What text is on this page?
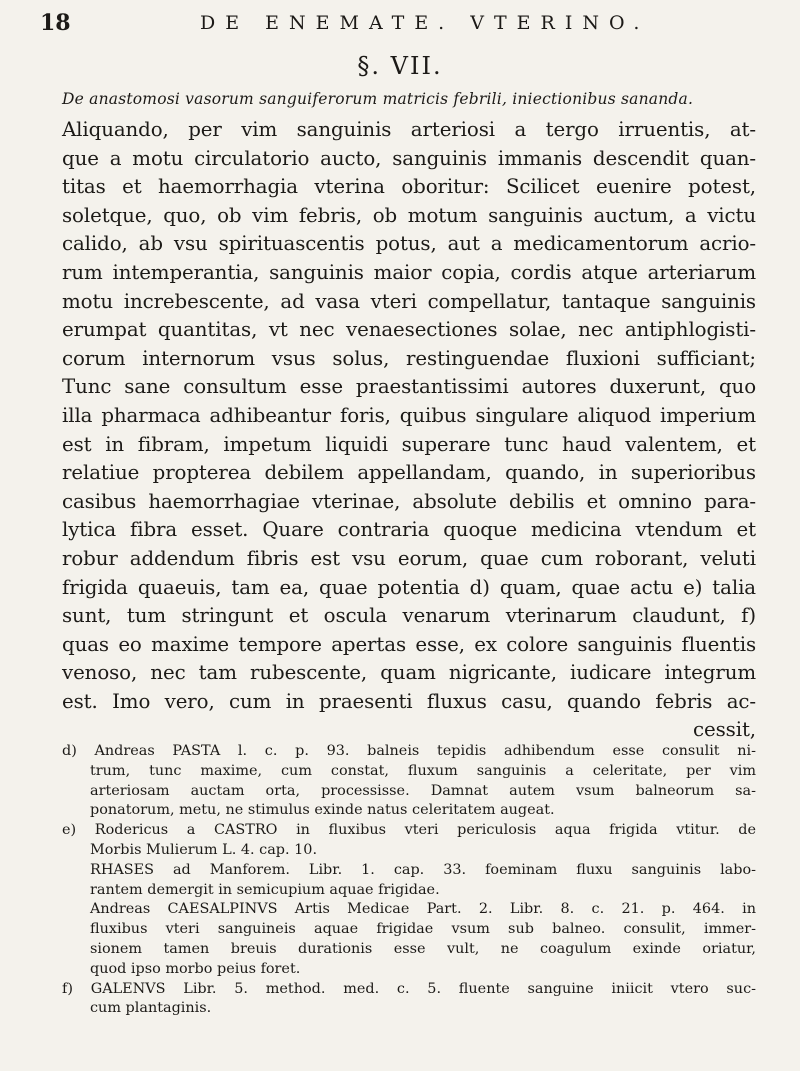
18	DE ENEMATE. VTERINO.
§. VII.
De anastomosi vasorum sanguiferorum matricis febrili, iniectionibus sananda.
Aliquando, per vim sanguinis arteriosi a tergo irruentis, at-
que a motu circulatorio aucto, sanguinis immanis descendit quan-
titas et haemorrhagia vterina oboritur: Scilicet euenire potest,
soletque, quo, ob vim febris, ob motum sanguinis auctum, a victu
calido, ab vsu spirituascentis potus, aut a medicamentorum acrio-
rum intemperantia, sanguinis maior copia, cordis atque arteriarum
motu increbescente, ad vasa vteri compellatur, tantaque sanguinis
erumpat quantitas, vt nec venaesectiones solae, nec antiphlogisti-
corum internorum vsus solus, restinguendae fluxioni sufficiant;
Tunc sane consultum esse praestantissimi autores duxerunt, quo
illa pharmaca adhibeantur foris, quibus singulare aliquod imperium
est in fibram, impetum liquidi superare tunc haud valentem, et
relatiue propterea debilem appellandam, quando, in superioribus
casibus haemorrhagiae vterinae, absolute debilis et omnino para-
lytica fibra esset. Quare contraria quoque medicina vtendum et
robur addendum fibris est vsu eorum, quae cum roborant, veluti
frigida quaeuis, tam ea, quae potentia d) quam, quae actu e) talia
sunt, tum stringunt et oscula venarum vterinarum claudunt, f)
quas eo maxime tempore apertas esse, ex colore sanguinis fluentis
venoso, nec tam rubescente, quam nigricante, iudicare integrum
est. Imo vero, cum in praesenti fluxus casu, quando febris ac-
cessit,
d) Andreas PASTA l. c. p. 93. balneis tepidis adhibendum esse consulit ni-
trum, tunc maxime, cum constat, fluxum sanguinis a celeritate, per vim
arteriosam auctam orta, processisse. Damnat autem vsum balneorum sa-
ponatorum, metu, ne stimulus exinde natus celeritatem augeat.
e) Rodericus a CASTRO in fluxibus vteri periculosis aqua frigida vtitur. de
Morbis Mulierum L. 4. cap. 10.
RHASES ad Manforem. Libr. 1. cap. 33. foeminam fluxu sanguinis labo-
rantem demergit in semicupium aquae frigidae.
Andreas CAESALPINVS Artis Medicae Part. 2. Libr. 8. c. 21. p. 464. in
fluxibus vteri sanguineis aquae frigidae vsum sub balneo. consulit, immer-
sionem tamen breuis durationis esse vult, ne coagulum exinde oriatur,
quod ipso morbo peius foret.
f) GALENVS Libr. 5. method. med. c. 5. fluente sanguine iniicit vtero suc-
cum plantaginis.
